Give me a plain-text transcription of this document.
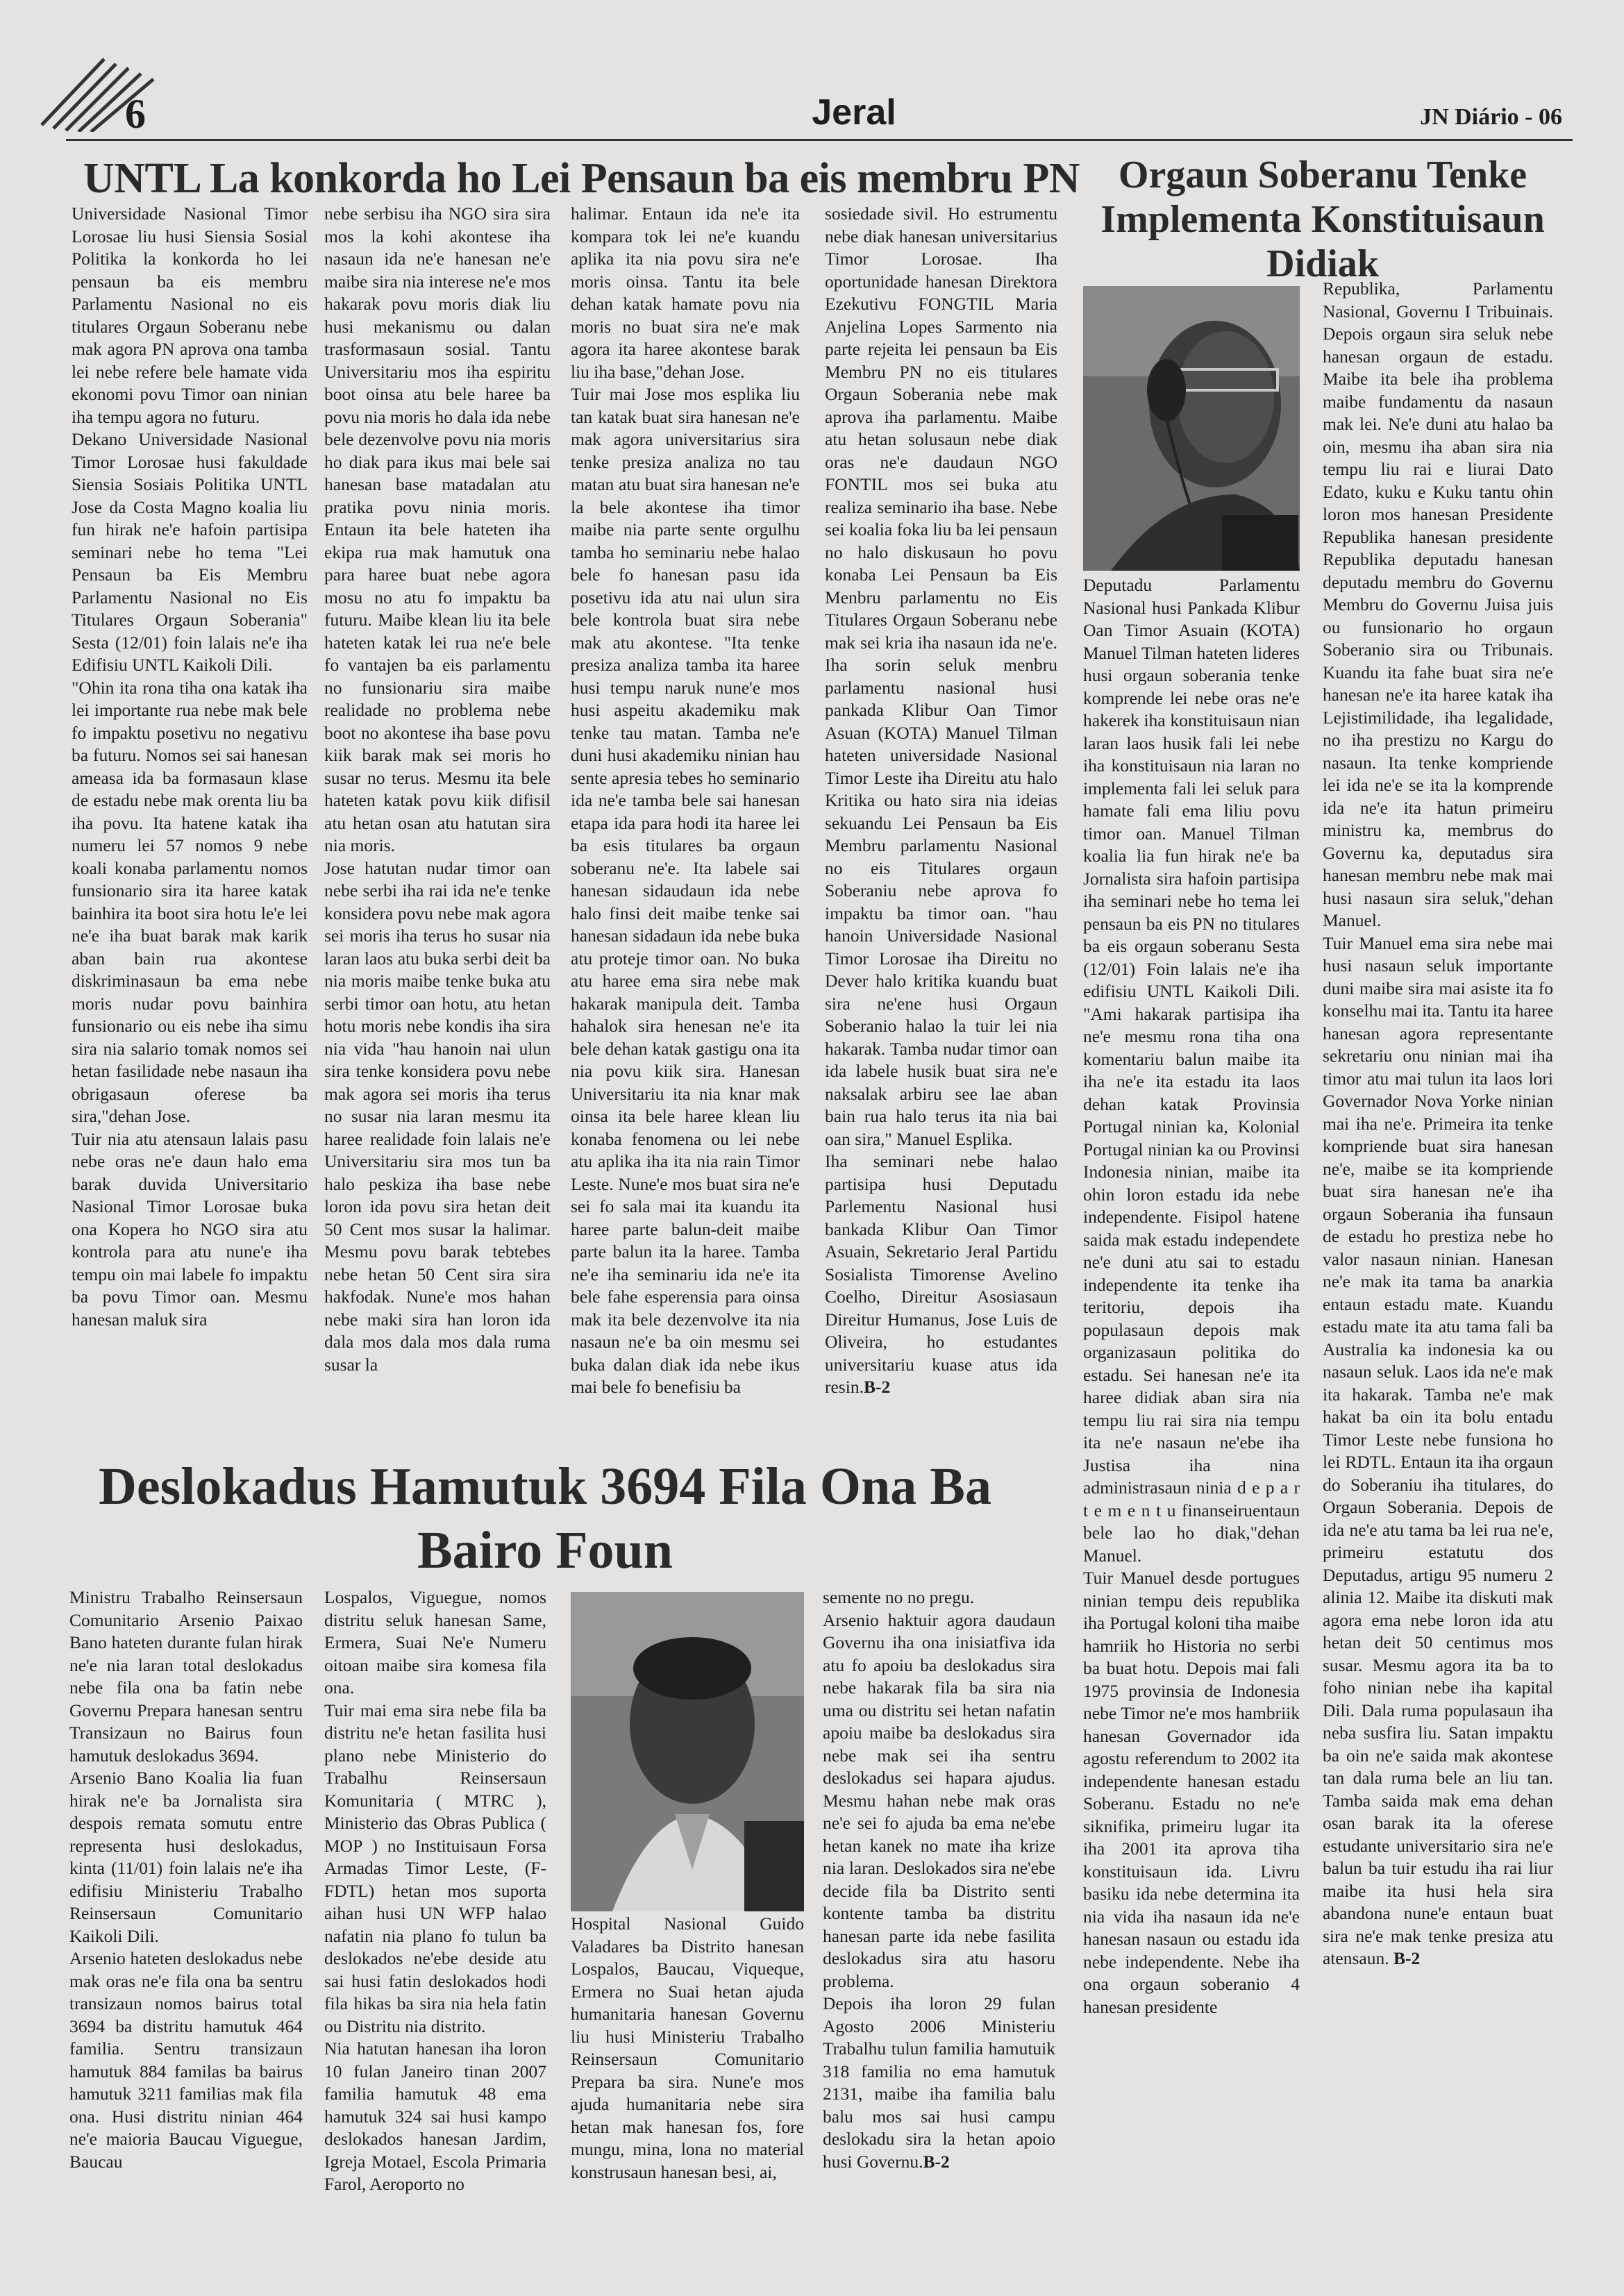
6	Jeral	JN Diário - 06
UNTL La konkorda ho Lei Pensaun ba eis membru PN

Universidade Nasional Timor Lorosae liu husi Siensia Sosial Politika la konkorda ho lei pensaun ba eis membru Parlamentu Nasional no eis titulares Orgaun Soberanu nebe mak agora PN aprova ona tamba lei nebe refere bele hamate vida ekonomi povu Timor oan ninian iha tempu agora no futuru.
Dekano Universidade Nasional Timor Lorosae husi fakuldade Siensia Sosiais Politika UNTL Jose da Costa Magno koalia liu fun hirak ne'e hafoin partisipa seminari nebe ho tema "Lei Pensaun ba Eis Membru Parlamentu Nasional no Eis Titulares Orgaun Soberania" Sesta (12/01) foin lalais ne'e iha Edifisiu UNTL Kaikoli Dili.
"Ohin ita rona tiha ona katak iha lei importante rua nebe mak bele fo impaktu posetivu no negativu ba futuru. Nomos sei sai hanesan ameasa ida ba formasaun klase de estadu nebe mak orenta liu ba iha povu. Ita hatene katak iha numeru lei 57 nomos 9 nebe koali konaba parlamentu nomos funsionario sira ita haree katak bainhira ita boot sira hotu le'e lei ne'e iha buat barak mak karik aban bain rua akontese diskriminasaun ba ema nebe moris nudar povu bainhira funsionario ou eis nebe iha simu sira nia salario tomak nomos sei hetan fasilidade nebe nasaun iha obrigasaun oferese ba sira,"dehan Jose.
Tuir nia atu atensaun lalais pasu nebe oras ne'e daun halo ema barak duvida Universitario Nasional Timor Lorosae buka ona Kopera ho NGO sira atu kontrola para atu nune'e iha tempu oin mai labele fo impaktu ba povu Timor oan. Mesmu hanesan maluk sira

nebe serbisu iha NGO sira sira mos la kohi akontese iha nasaun ida ne'e hanesan ne'e maibe sira nia interese ne'e mos hakarak povu moris diak liu husi mekanismu ou dalan trasformasaun sosial. Tantu Universitariu mos iha espiritu boot oinsa atu bele haree ba povu nia moris ho dala ida nebe bele dezenvolve povu nia moris ho diak para ikus mai bele sai hanesan base matadalan atu pratika povu ninia moris. Entaun ita bele hateten iha ekipa rua mak hamutuk ona para haree buat nebe agora mosu no atu fo impaktu ba futuru. Maibe klean liu ita bele hateten katak lei rua ne'e bele fo vantajen ba eis parlamentu no funsionariu sira maibe realidade no problema nebe boot no akontese iha base povu kiik barak mak sei moris ho susar no terus. Mesmu ita bele hateten katak povu kiik difisil atu hetan osan atu hatutan sira nia moris.
Jose hatutan nudar timor oan nebe serbi iha rai ida ne'e tenke konsidera povu nebe mak agora sei moris iha terus ho susar nia laran laos atu buka serbi deit ba nia moris maibe tenke buka atu serbi timor oan hotu, atu hetan hotu moris nebe kondis iha sira nia vida "hau hanoin nai ulun sira tenke konsidera povu nebe mak agora sei moris iha terus no susar nia laran mesmu ita haree realidade foin lalais ne'e Universitariu sira mos tun ba halo peskiza iha base nebe loron ida povu sira hetan deit 50 Cent mos susar la halimar. Mesmu povu barak tebtebes nebe hetan 50 Cent sira sira hakfodak. Nune'e mos hahan nebe maki sira han loron ida dala mos dala mos dala ruma susar la

halimar. Entaun ida ne'e ita kompara tok lei ne'e kuandu aplika ita nia povu sira ne'e moris oinsa. Tantu ita bele dehan katak hamate povu nia moris no buat sira ne'e mak agora ita haree akontese barak liu iha base,"dehan Jose.
Tuir mai Jose mos esplika liu tan katak buat sira hanesan ne'e mak agora universitarius sira tenke presiza analiza no tau matan atu buat sira hanesan ne'e la bele akontese iha timor maibe nia parte sente orgulhu tamba ho seminariu nebe halao bele fo hanesan pasu ida posetivu ida atu nai ulun sira bele kontrola buat sira nebe mak atu akontese. "Ita tenke presiza analiza tamba ita haree husi tempu naruk nune'e mos husi aspeitu akademiku mak tenke tau matan. Tamba ne'e duni husi akademiku ninian hau sente apresia tebes ho seminario ida ne'e tamba bele sai hanesan etapa ida para hodi ita haree lei ba esis titulares ba orgaun soberanu ne'e. Ita labele sai hanesan sidaudaun ida nebe halo finsi deit maibe tenke sai hanesan sidadaun ida nebe buka atu proteje timor oan. No buka atu haree ema sira nebe mak hakarak manipula deit. Tamba hahalok sira henesan ne'e ita bele dehan katak gastigu ona ita nia povu kiik sira. Hanesan Universitariu ita nia knar mak oinsa ita bele haree klean liu konaba fenomena ou lei nebe atu aplika iha ita nia rain Timor Leste. Nune'e mos buat sira ne'e sei fo sala mai ita kuandu ita haree parte balun-deit maibe parte balun ita la haree. Tamba ne'e iha seminariu ida ne'e ita bele fahe esperensia para oinsa mak ita bele dezenvolve ita nia nasaun ne'e ba oin mesmu sei buka dalan diak ida nebe ikus mai bele fo benefisiu ba

sosiedade sivil. Ho estrumentu nebe diak hanesan universitarius Timor Lorosae. Iha oportunidade hanesan Direktora Ezekutivu FONGTIL Maria Anjelina Lopes Sarmento nia parte rejeita lei pensaun ba Eis Membru PN no eis titulares Orgaun Soberania nebe mak aprova iha parlamentu. Maibe atu hetan solusaun nebe diak oras ne'e daudaun NGO FONTIL mos sei buka atu realiza seminario iha base. Nebe sei koalia foka liu ba lei pensaun no halo diskusaun ho povu konaba Lei Pensaun ba Eis Menbru parlamentu no Eis Titulares Orgaun Soberanu nebe mak sei kria iha nasaun ida ne'e. Iha sorin seluk menbru parlamentu nasional husi pankada Klibur Oan Timor Asuan (KOTA) Manuel Tilman hateten universidade Nasional Timor Leste iha Direitu atu halo Kritika ou hato sira nia ideias sekuandu Lei Pensaun ba Eis Membru parlamentu Nasional no eis Titulares orgaun Soberaniu nebe aprova fo impaktu ba timor oan. "hau hanoin Universidade Nasional Timor Lorosae iha Direitu no Dever halo kritika kuandu buat sira ne'ene husi Orgaun Soberanio halao la tuir lei nia hakarak. Tamba nudar timor oan ida labele husik buat sira ne'e naksalak arbiru see lae aban bain rua halo terus ita nia bai oan sira," Manuel Esplika.
Iha seminari nebe halao partisipa husi Deputadu Parlementu Nasional husi bankada Klibur Oan Timor Asuain, Sekretario Jeral Partidu Sosialista Timorense Avelino Coelho, Direitur Asosiasaun Direitur Humanus, Jose Luis de Oliveira, ho estudantes universitariu kuase atus ida resin.B-2

Orgaun Soberanu Tenke Implementa Konstituisaun Didiak
Deputadu Parlamentu Nasional husi Pankada Klibur Oan Timor Asuain (KOTA) Manuel Tilman hateten lideres husi orgaun soberania tenke komprende lei nebe oras ne'e hakerek iha konstituisaun nian laran laos husik fali lei nebe iha konstituisaun nia laran no implementa fali lei seluk para hamate fali ema liliu povu timor oan. Manuel Tilman koalia lia fun hirak ne'e ba Jornalista sira hafoin partisipa iha seminari nebe ho tema lei pensaun ba eis PN no titulares ba eis orgaun soberanu Sesta (12/01) Foin lalais ne'e iha edifisiu UNTL Kaikoli Dili. "Ami hakarak partisipa iha ne'e mesmu rona tiha ona komentariu balun maibe ita iha ne'e ita estadu ita laos dehan katak Provinsia Portugal ninian ka, Kolonial Portugal ninian ka ou Provinsi Indonesia ninian, maibe ita ohin loron estadu ida nebe independente. Fisipol hatene saida mak estadu independete ne'e duni atu sai to estadu independente ita tenke iha teritoriu, depois iha populasaun depois mak organizasaun politika do estadu. Sei hanesan ne'e ita haree didiak aban sira nia tempu liu rai sira nia tempu ita ne'e nasaun ne'ebe iha Justisa iha nina administrasaun ninia d e p a r t e m e n t u finanseiruentaun bele lao ho diak,"dehan Manuel.
Tuir Manuel desde portugues ninian tempu deis republika iha Portugal koloni tiha maibe hamriik ho Historia no serbi ba buat hotu. Depois mai fali 1975 provinsia de Indonesia nebe Timor ne'e mos hambriik hanesan Governador ida agostu referendum to 2002 ita independente hanesan estadu Soberanu. Estadu no ne'e siknifika, primeiru lugar ita iha 2001 ita aprova tiha konstituisaun ida. Livru basiku ida nebe determina ita nia vida iha nasaun ida ne'e hanesan nasaun ou estadu ida nebe independente. Nebe iha ona orgaun soberanio 4 hanesan presidente

Republika, Parlamentu Nasional, Governu I Tribuinais. Depois orgaun sira seluk nebe hanesan orgaun de estadu. Maibe ita bele iha problema maibe fundamentu da nasaun mak lei. Ne'e duni atu halao ba oin, mesmu iha aban sira nia tempu liu rai e liurai Dato Edato, kuku e Kuku tantu ohin loron mos hanesan Presidente Republika hanesan presidente Republika deputadu hanesan deputadu membru do Governu Membru do Governu Juisa juis ou funsionario ho orgaun Soberanio sira ou Tribunais. Kuandu ita fahe buat sira ne'e hanesan ne'e ita haree katak iha Lejistimilidade, iha legalidade, no iha prestizu no Kargu do nasaun. Ita tenke kompriende lei ida ne'e se ita la komprende ida ne'e ita hatun primeiru ministru ka, membrus do Governu ka, deputadus sira hanesan membru nebe mak mai husi nasaun sira seluk,"dehan Manuel.
Tuir Manuel ema sira nebe mai husi nasaun seluk importante duni maibe sira mai asiste ita fo konselhu mai ita. Tantu ita haree hanesan agora representante sekretariu onu ninian mai iha timor atu mai tulun ita laos lori Governador Nova Yorke ninian mai iha ne'e. Primeira ita tenke kompriende buat sira hanesan ne'e, maibe se ita kompriende buat sira hanesan ne'e iha orgaun Soberania iha funsaun de estadu ho prestiza nebe ho valor nasaun ninian. Hanesan ne'e mak ita tama ba anarkia entaun estadu mate. Kuandu estadu mate ita atu tama fali ba Australia ka indonesia ka ou nasaun seluk. Laos ida ne'e mak ita hakarak. Tamba ne'e mak hakat ba oin ita bolu entadu Timor Leste nebe funsiona ho lei RDTL. Entaun ita iha orgaun do Soberaniu iha titulares, do Orgaun Soberania. Depois de ida ne'e atu tama ba lei rua ne'e, primeiru estatutu dos Deputadus, artigu 95 numeru 2 alinia 12. Maibe ita diskuti mak agora ema nebe loron ida atu hetan deit 50 centimus mos susar. Mesmu agora ita ba to foho ninian nebe iha kapital Dili. Dala ruma populasaun iha neba susfira liu. Satan impaktu ba oin ne'e saida mak akontese tan dala ruma bele an liu tan. Tamba saida mak ema dehan osan barak ita la oferese estudante universitario sira ne'e balun ba tuir estudu iha rai liur maibe ita husi hela sira abandona nune'e entaun buat sira ne'e mak tenke presiza atu atensaun. B-2

Deslokadus Hamutuk 3694 Fila Ona Ba Bairo Foun

Ministru Trabalho Reinsersaun Comunitario Arsenio Paixao Bano hateten durante fulan hirak ne'e nia laran total deslokadus nebe fila ona ba fatin nebe Governu Prepara hanesan sentru Transizaun no Bairus foun hamutuk deslokadus 3694.
Arsenio Bano Koalia lia fuan hirak ne'e ba Jornalista sira despois remata somutu entre representa husi deslokadus, kinta (11/01) foin lalais ne'e iha edifisiu Ministeriu Trabalho Reinsersaun Comunitario Kaikoli Dili.
Arsenio hateten deslokadus nebe mak oras ne'e fila ona ba sentru transizaun nomos bairus total 3694 ba distritu hamutuk 464 familia. Sentru transizaun hamutuk 884 familas ba bairus hamutuk 3211 familias mak fila ona. Husi distritu ninian 464 ne'e maioria Baucau Viguegue, Baucau

Lospalos, Viguegue, nomos distritu seluk hanesan Same, Ermera, Suai Ne'e Numeru oitoan maibe sira komesa fila ona.
Tuir mai ema sira nebe fila ba distritu ne'e hetan fasilita husi plano nebe Ministerio do Trabalhu Reinsersaun Komunitaria ( MTRC ), Ministerio das Obras Publica ( MOP ) no Instituisaun Forsa Armadas Timor Leste, (F-FDTL) hetan mos suporta aihan husi UN WFP halao nafatin nia plano fo tulun ba deslokados ne'ebe deside atu sai husi fatin deslokados hodi fila hikas ba sira nia hela fatin ou Distritu nia distrito.
Nia hatutan hanesan iha loron 10 fulan Janeiro tinan 2007 familia hamutuk 48 ema hamutuk 324 sai husi kampo deslokados hanesan Jardim, Igreja Motael, Escola Primaria Farol, Aeroporto no

Hospital Nasional Guido Valadares ba Distrito hanesan Lospalos, Baucau, Viqueque, Ermera no Suai hetan ajuda humanitaria hanesan Governu liu husi Ministeriu Trabalho Reinsersaun Comunitario Prepara ba sira. Nune'e mos ajuda humanitaria nebe sira hetan mak hanesan fos, fore mungu, mina, lona no material konstrusaun hanesan besi, ai,

semente no no pregu.
Arsenio haktuir agora daudaun Governu iha ona inisiatfiva ida atu fo apoiu ba deslokadus sira nebe hakarak fila ba sira nia uma ou distritu sei hetan nafatin apoiu maibe ba deslokadus sira nebe mak sei iha sentru deslokadus sei hapara ajudus. Mesmu hahan nebe mak oras ne'e sei fo ajuda ba ema ne'ebe hetan kanek no mate iha krize nia laran. Deslokados sira ne'ebe decide fila ba Distrito senti kontente tamba ba distritu hanesan parte ida nebe fasilita deslokadus sira atu hasoru problema.
Depois iha loron 29 fulan Agosto 2006 Ministeriu Trabalhu tulun familia hamutuik 318 familia no ema hamutuk 2131, maibe iha familia balu balu mos sai husi campu deslokadu sira la hetan apoio husi Governu.B-2
